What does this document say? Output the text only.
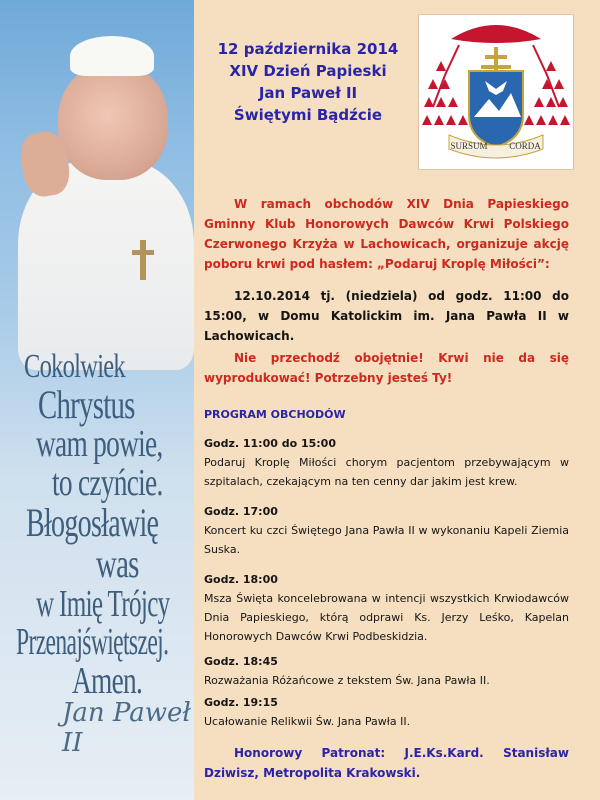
Cokolwiek
Chrystus
wam powie,
to czyńcie.
Błogosławię
was
w Imię Trójcy
Przenajświętszej.
Amen.
Jan Paweł II
12 października 2014
XIV Dzień Papieski
Jan Paweł II
Świętymi Bądźcie
SURSUM CORDA
W ramach obchodów XIV Dnia Papieskiego Gminny Klub Honorowych Dawców Krwi Polskiego Czerwonego Krzyża w Lachowicach, organizuje akcję poboru krwi pod hasłem: „Podaruj Kroplę Miłości”:
12.10.2014 tj. (niedziela) od godz. 11:00 do 15:00, w Domu Katolickim im. Jana Pawła II w Lachowicach.
Nie przechodź obojętnie! Krwi nie da się wyprodukować! Potrzebny jesteś Ty!
PROGRAM OBCHODÓW
Godz. 11:00 do 15:00
Podaruj Kroplę Miłości chorym pacjentom przebywającym w szpitalach, czekającym na ten cenny dar jakim jest krew.
Godz. 17:00
Koncert ku czci Świętego Jana Pawła II w wykonaniu Kapeli Ziemia Suska.
Godz. 18:00
Msza Święta koncelebrowana w intencji wszystkich Krwiodawców Dnia Papieskiego, którą odprawi Ks. Jerzy Leśko, Kapelan Honorowych Dawców Krwi Podbeskidzia.
Godz. 18:45
Rozważania Różańcowe z tekstem Św. Jana Pawła II.
Godz. 19:15
Ucałowanie Relikwii Św. Jana Pawła II.
Honorowy Patronat: J.E.Ks.Kard. Stanisław Dziwisz, Metropolita Krakowski.
